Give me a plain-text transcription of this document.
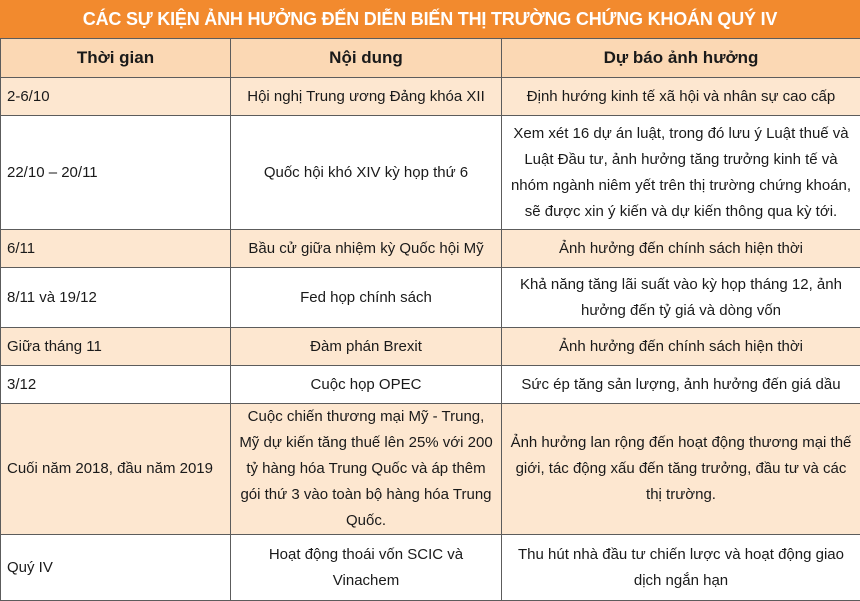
CÁC SỰ KIỆN ẢNH HƯỞNG ĐẾN DIỄN BIẾN THỊ TRƯỜNG CHỨNG KHOÁN QUÝ IV
Thời gian	Nội dung	Dự báo ảnh hưởng
2-6/10	Hội nghị Trung ương Đảng khóa XII	Định hướng kinh tế xã hội và nhân sự cao cấp
22/10 – 20/11	Quốc hội khó XIV kỳ họp thứ 6	Xem xét 16 dự án luật, trong đó lưu ý Luật thuế và Luật Đầu tư, ảnh hưởng tăng trưởng kinh tế và nhóm ngành niêm yết trên thị trường chứng khoán, sẽ được xin ý kiến và dự kiến thông qua kỳ tới.
6/11	Bầu cử giữa nhiệm kỳ Quốc hội Mỹ	Ảnh hưởng đến chính sách hiện thời
8/11 và 19/12	Fed họp chính sách	Khả năng tăng lãi suất vào kỳ họp tháng 12, ảnh hưởng đến tỷ giá và dòng vốn
Giữa tháng 11	Đàm phán Brexit	Ảnh hưởng đến chính sách hiện thời
3/12	Cuộc họp OPEC	Sức ép tăng sản lượng, ảnh hưởng đến giá dầu
Cuối năm 2018, đầu năm 2019	Cuộc chiến thương mại Mỹ - Trung, Mỹ dự kiến tăng thuế lên 25% với 200 tỷ hàng hóa Trung Quốc và áp thêm gói thứ 3 vào toàn bộ hàng hóa Trung Quốc.	Ảnh hưởng lan rộng đến hoạt động thương mại thế giới, tác động xấu đến tăng trưởng, đầu tư và các thị trường.
Quý IV	Hoạt động thoái vốn SCIC và Vinachem	Thu hút nhà đầu tư chiến lược và hoạt động giao dịch ngắn hạn
